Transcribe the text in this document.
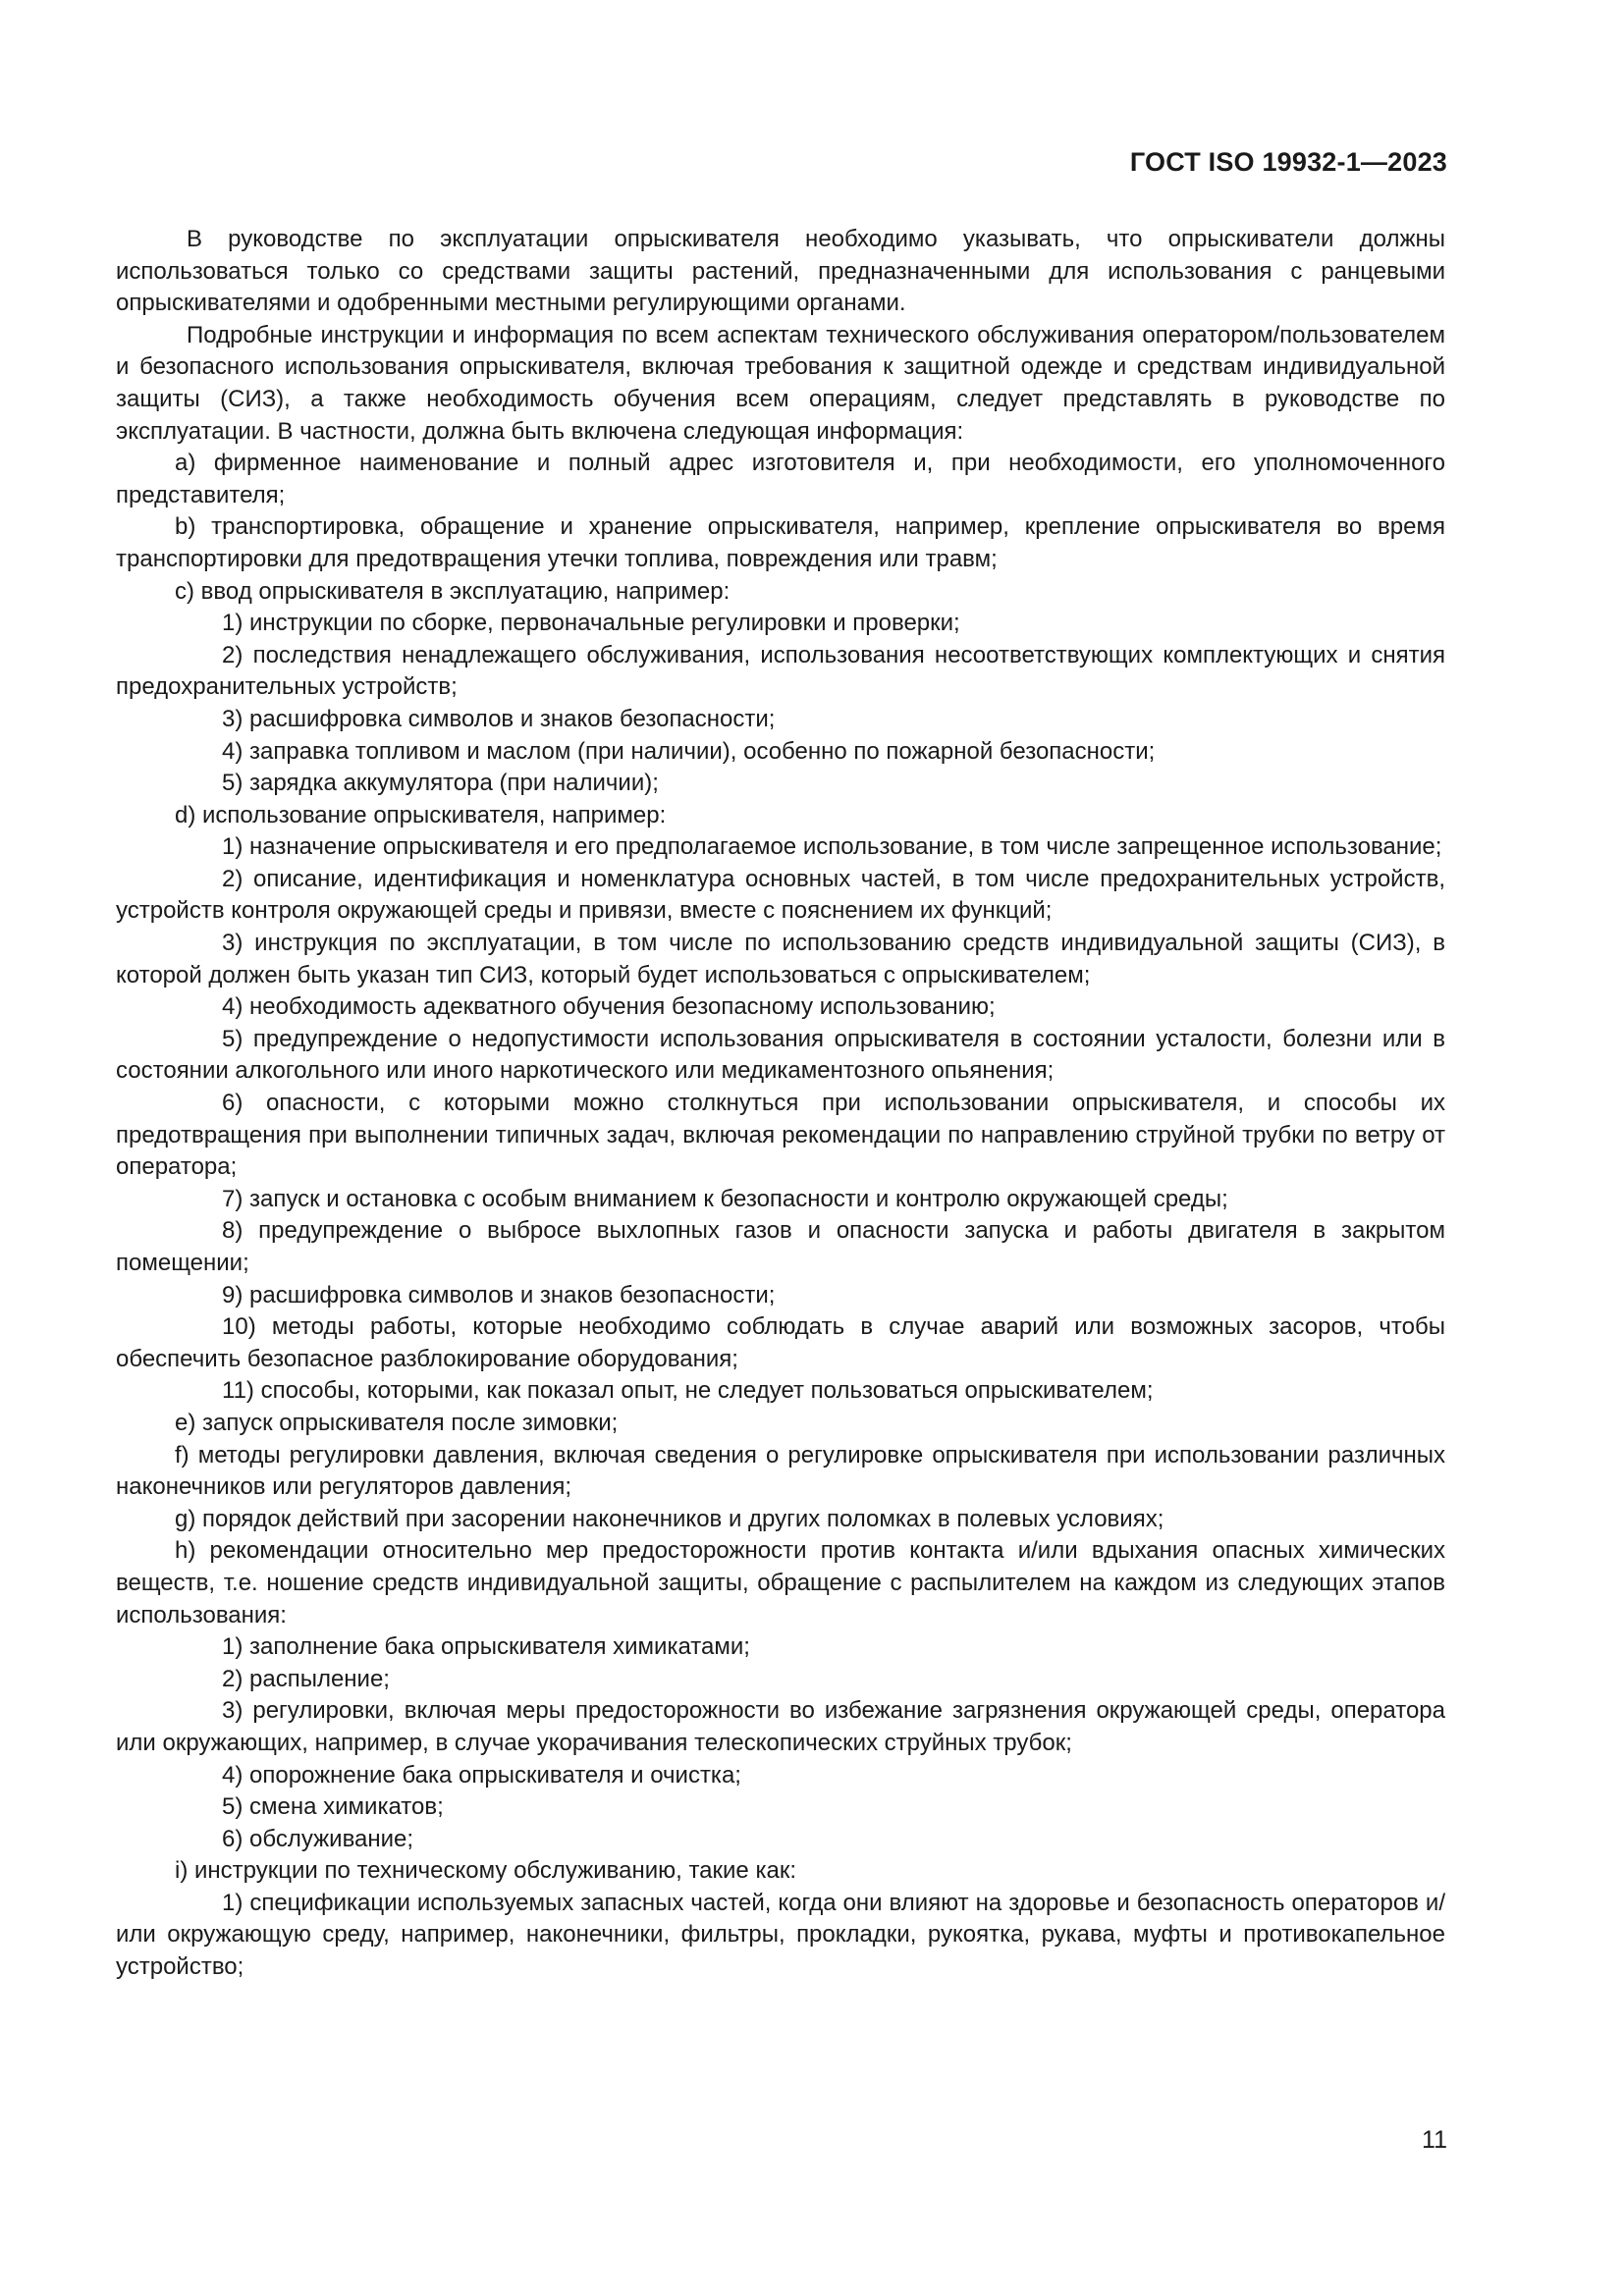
ГОСТ ISO 19932-1—2023

В руководстве по эксплуатации опрыскивателя необходимо указывать, что опрыскиватели должны использоваться только со средствами защиты растений, предназначенными для использования с ранцевыми опрыскивателями и одобренными местными регулирующими органами.

Подробные инструкции и информация по всем аспектам технического обслуживания оператором/пользователем и безопасного использования опрыскивателя, включая требования к защитной одежде и средствам индивидуальной защиты (СИЗ), а также необходимость обучения всем операциям, следует представлять в руководстве по эксплуатации. В частности, должна быть включена следующая информация:

a) фирменное наименование и полный адрес изготовителя и, при необходимости, его уполномоченного представителя;

b) транспортировка, обращение и хранение опрыскивателя, например, крепление опрыскивателя во время транспортировки для предотвращения утечки топлива, повреждения или травм;

c) ввод опрыскивателя в эксплуатацию, например:

1) инструкции по сборке, первоначальные регулировки и проверки;

2) последствия ненадлежащего обслуживания, использования несоответствующих комплектующих и снятия предохранительных устройств;

3) расшифровка символов и знаков безопасности;

4) заправка топливом и маслом (при наличии), особенно по пожарной безопасности;

5) зарядка аккумулятора (при наличии);

d) использование опрыскивателя, например:

1) назначение опрыскивателя и его предполагаемое использование, в том числе запрещенное использование;

2) описание, идентификация и номенклатура основных частей, в том числе предохранительных устройств, устройств контроля окружающей среды и привязи, вместе с пояснением их функций;

3) инструкция по эксплуатации, в том числе по использованию средств индивидуальной защиты (СИЗ), в которой должен быть указан тип СИЗ, который будет использоваться с опрыскивателем;

4) необходимость адекватного обучения безопасному использованию;

5) предупреждение о недопустимости использования опрыскивателя в состоянии усталости, болезни или в состоянии алкогольного или иного наркотического или медикаментозного опьянения;

6) опасности, с которыми можно столкнуться при использовании опрыскивателя, и способы их предотвращения при выполнении типичных задач, включая рекомендации по направлению струйной трубки по ветру от оператора;

7) запуск и остановка с особым вниманием к безопасности и контролю окружающей среды;

8) предупреждение о выбросе выхлопных газов и опасности запуска и работы двигателя в закрытом помещении;

9) расшифровка символов и знаков безопасности;

10) методы работы, которые необходимо соблюдать в случае аварий или возможных засоров, чтобы обеспечить безопасное разблокирование оборудования;

11) способы, которыми, как показал опыт, не следует пользоваться опрыскивателем;

e) запуск опрыскивателя после зимовки;

f) методы регулировки давления, включая сведения о регулировке опрыскивателя при использовании различных наконечников или регуляторов давления;

g) порядок действий при засорении наконечников и других поломках в полевых условиях;

h) рекомендации относительно мер предосторожности против контакта и/или вдыхания опасных химических веществ, т.е. ношение средств индивидуальной защиты, обращение с распылителем на каждом из следующих этапов использования:

1) заполнение бака опрыскивателя химикатами;

2) распыление;

3) регулировки, включая меры предосторожности во избежание загрязнения окружающей среды, оператора или окружающих, например, в случае укорачивания телескопических струйных трубок;

4) опорожнение бака опрыскивателя и очистка;

5) смена химикатов;

6) обслуживание;

i) инструкции по техническому обслуживанию, такие как:

1) спецификации используемых запасных частей, когда они влияют на здоровье и безопасность операторов и/или окружающую среду, например, наконечники, фильтры, прокладки, рукоятка, рукава, муфты и противокапельное устройство;

11
